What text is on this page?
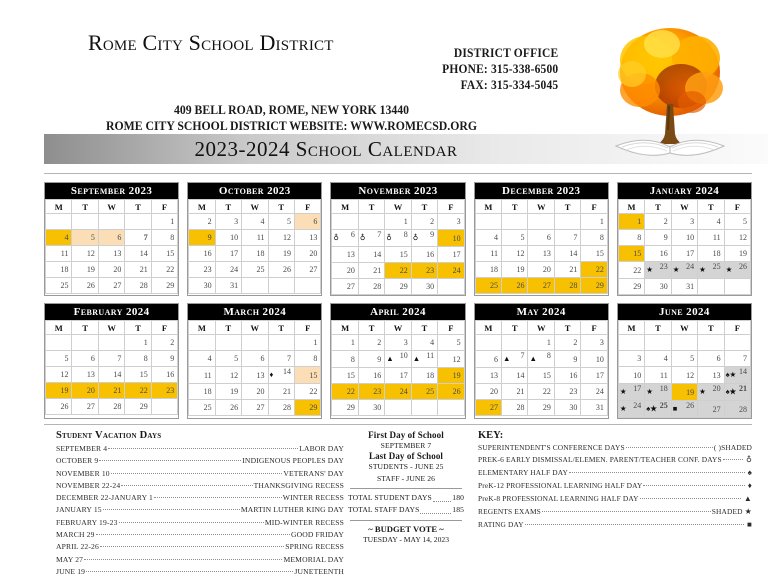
Rome City School District	DISTRICT OFFICE
PHONE: 315-338-6500
FAX: 315-334-5045
409 BELL ROAD, ROME, NEW YORK 13440
ROME CITY SCHOOL DISTRICT WEBSITE: WWW.ROMECSD.ORG
2023-2024 School Calendar
September 2023
M	T	W	T	F
				1
4	5	6	7	8
11	12	13	14	15
18	19	20	21	22
25	26	27	28	29
October 2023
M	T	W	T	F
2	3	4	5	6
9	10	11	12	13
16	17	18	19	20
23	24	25	26	27
30	31			
November 2023
M	T	W	T	F
		1	2	3

♁ 6	♁ 7	♁ 8	♁ 9	10
13	14	15	16	17
20	21	22	23	24
27	28	29	30	
December 2023
M	T	W	T	F
				1
4	5	6	7	8
11	12	13	14	15
18	19	20	21	22
25	26	27	28	29
January 2024
M	T	W	T	F
1	2	3	4	5
8	9	10	11	12
15	16	17	18	19
22	★ 23	★ 24	★ 25	★ 26
29	30	31		
February 2024
M	T	W	T	F
			1	2
5	6	7	8	9
12	13	14	15	16
19	20	21	22	23
26	27	28	29	
March 2024
M	T	W	T	F
				1
4	5	6	7	8
11	12	13	♦ 14	15
18	19	20	21	22
25	26	27	28	29
April 2024
M	T	W	T	F
1	2	3	4	5
8	9	▲ 10	▲ 11	12
15	16	17	18	19
22	23	24	25	26
29	30			
May 2024
M	T	W	T	F
		1	2	3
6	▲ 7	▲ 8	9	10
13	14	15	16	17
20	21	22	23	24
27	28	29	30	31
June 2024
M	T	W	T	F

3	4	5	6	7
10	11	12	13	♠★ 14

★ 17	★ 18	19	★ 20	♠★ 21

★ 24	♠★ 25	■ 26	27	28
Student Vacation Days
SEPTEMBER 4	LABOR DAY
OCTOBER 9	INDIGENOUS PEOPLES DAY
NOVEMBER 10	VETERANS' DAY
NOVEMBER 22-24	THANKSGIVING RECESS
DECEMBER 22-JANUARY 1	WINTER RECESS
JANUARY 15	MARTIN LUTHER KING DAY
FEBRUARY 19-23	MID-WINTER RECESS
MARCH 29	GOOD FRIDAY
APRIL 22-26	SPRING RECESS
MAY 27	MEMORIAL DAY
JUNE 19	JUNETEENTH
First Day of School
SEPTEMBER 7
Last Day of School
STUDENTS - JUNE 25
STAFF - JUNE 26
TOTAL STUDENT DAYS	180
TOTAL STAFF DAYS	185
~ BUDGET VOTE ~
TUESDAY - MAY 14, 2023
KEY:
SUPERINTENDENT'S CONFERENCE DAYS	( )SHADED
PREK-6 EARLY DISMISSAL/ELEMEN. PARENT/TEACHER CONF. DAYS	♁
ELEMENTARY HALF DAY	♠
PreK-12 PROFESSIONAL LEARNING HALF DAY	♦
PreK-8 PROFESSIONAL LEARNING HALF DAY	▲
REGENTS EXAMS	SHADED ★
RATING DAY	■
